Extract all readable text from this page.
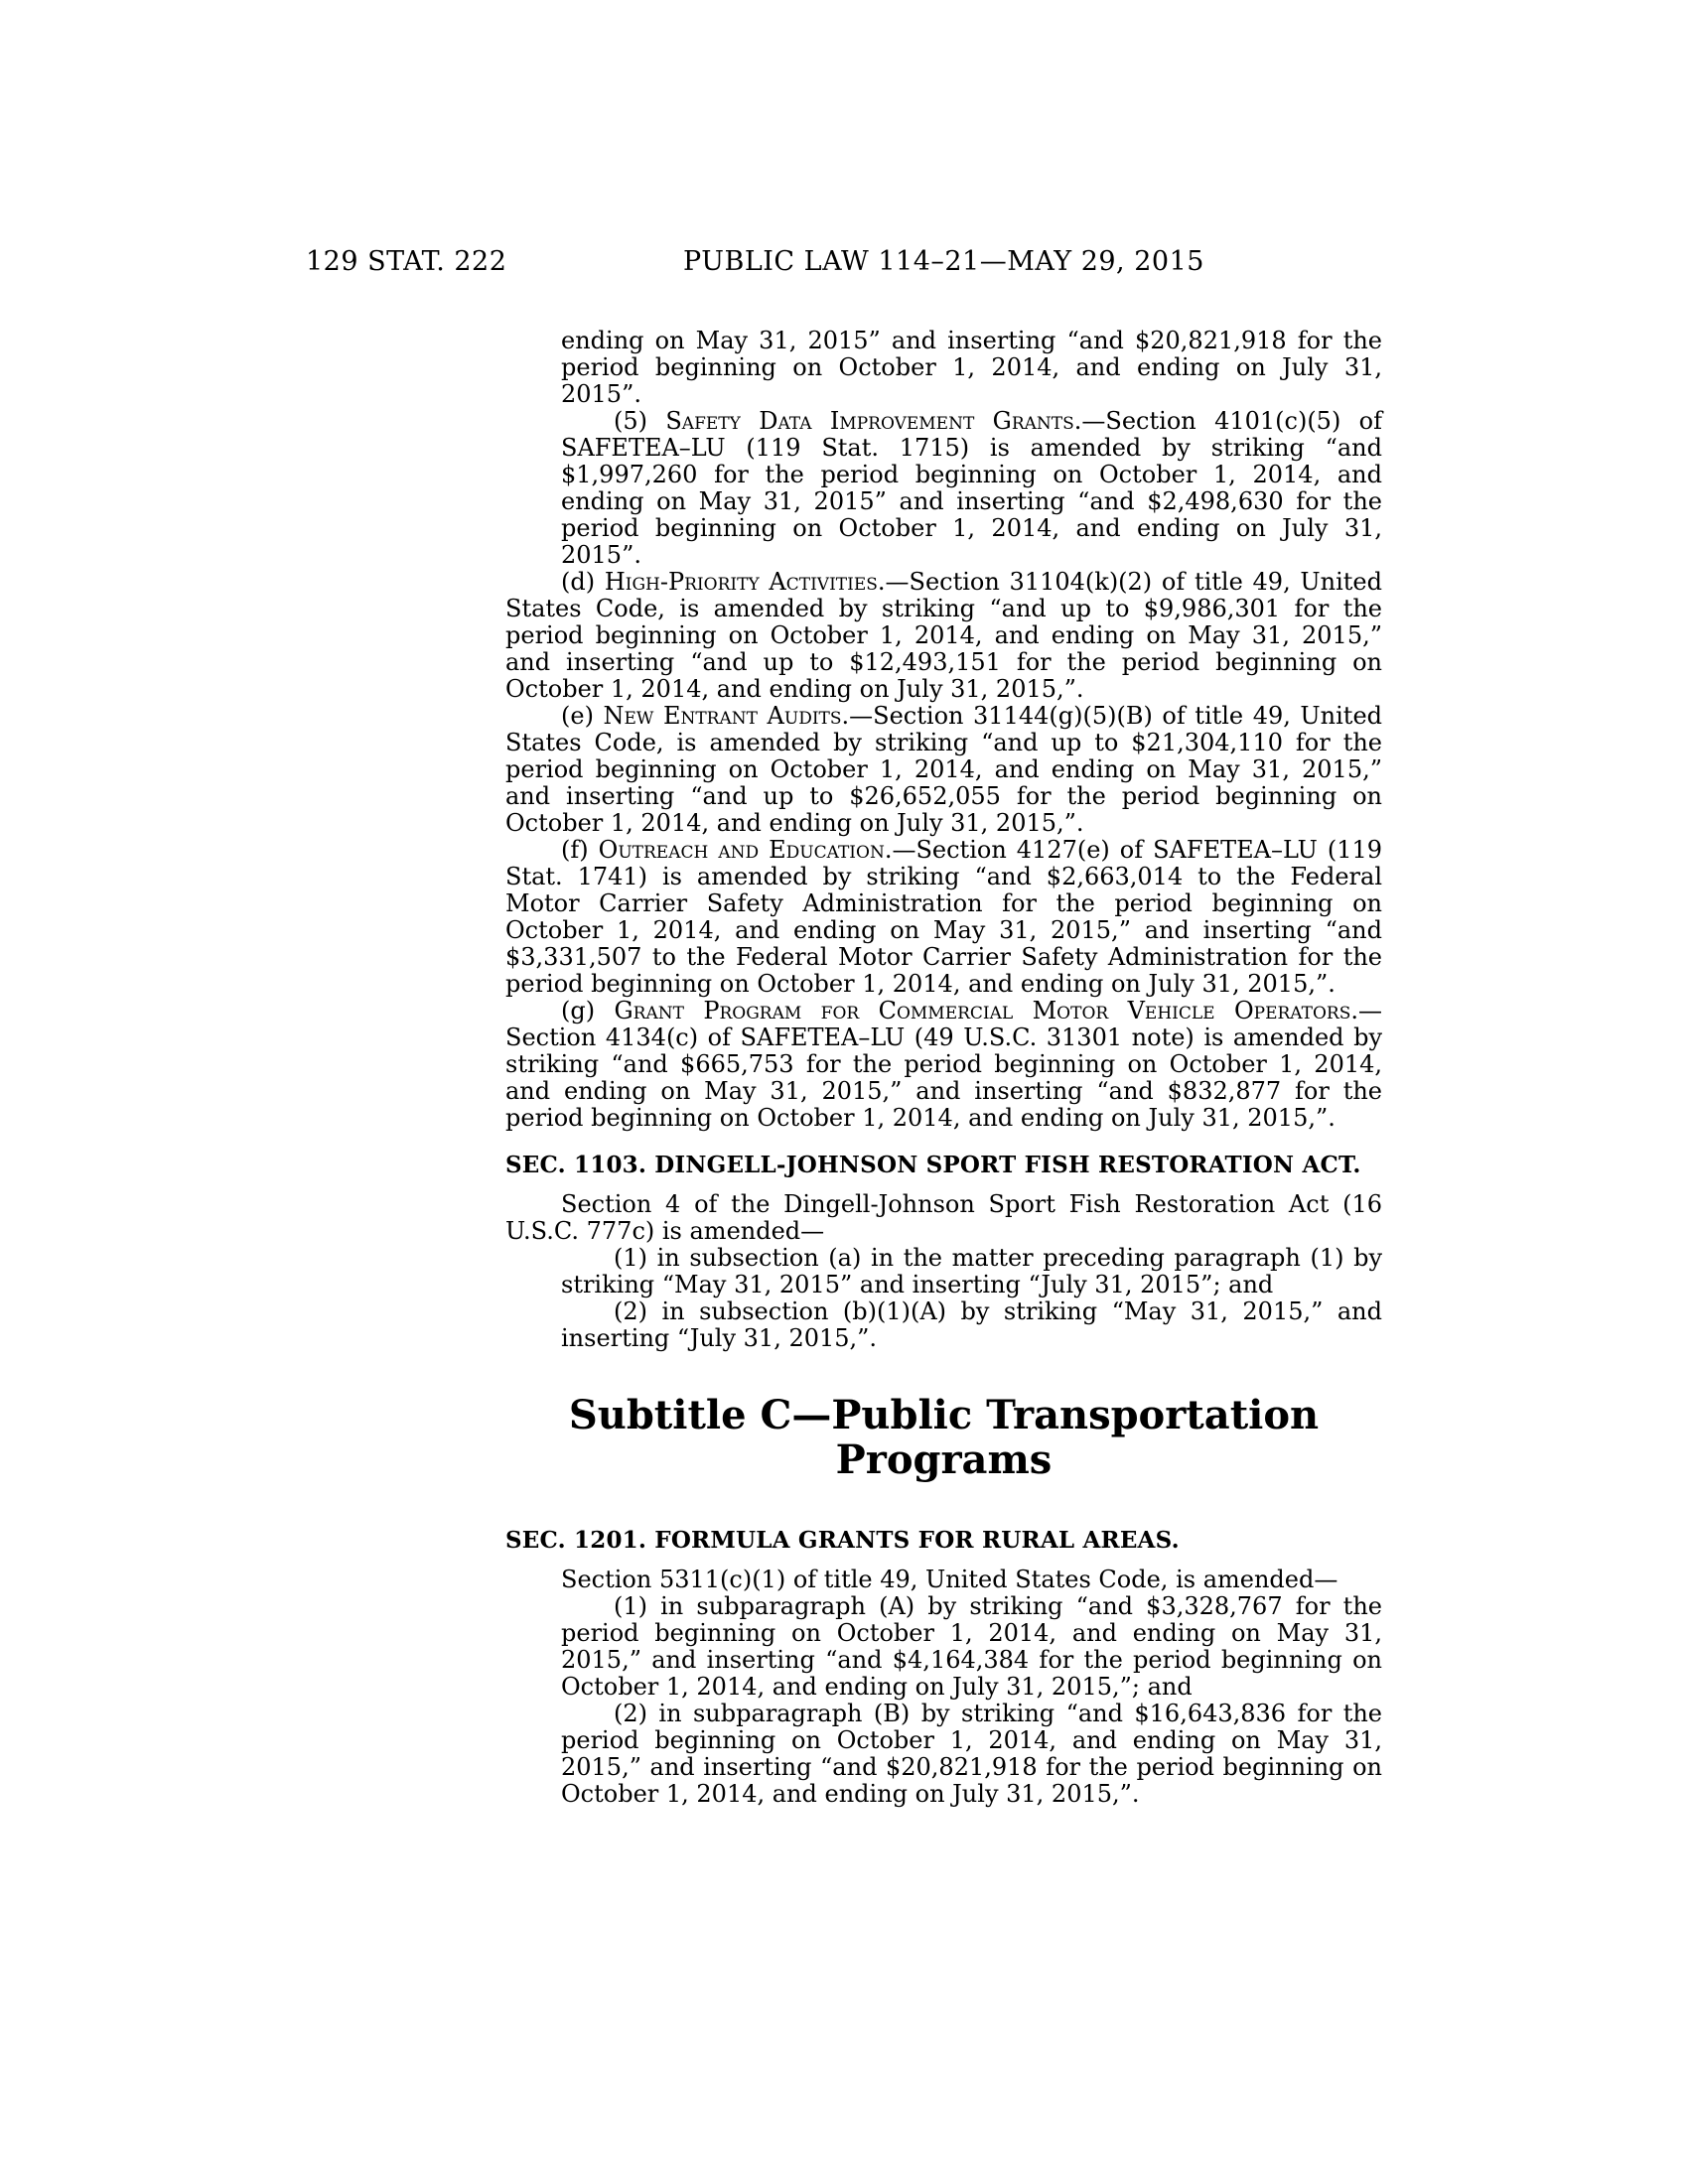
129 STAT. 222	PUBLIC LAW 114–21—MAY 29, 2015

ending on May 31, 2015” and inserting “and $20,821,918 for the period beginning on October 1, 2014, and ending on July 31, 2015”.

(5) Safety Data Improvement Grants.—Section 4101(c)(5) of SAFETEA–LU (119 Stat. 1715) is amended by striking “and $1,997,260 for the period beginning on October 1, 2014, and ending on May 31, 2015” and inserting “and $2,498,630 for the period beginning on October 1, 2014, and ending on July 31, 2015”.

(d) High-Priority Activities.—Section 31104(k)(2) of title 49, United States Code, is amended by striking “and up to $9,986,301 for the period beginning on October 1, 2014, and ending on May 31, 2015,” and inserting “and up to $12,493,151 for the period beginning on October 1, 2014, and ending on July 31, 2015,”.

(e) New Entrant Audits.—Section 31144(g)(5)(B) of title 49, United States Code, is amended by striking “and up to $21,304,110 for the period beginning on October 1, 2014, and ending on May 31, 2015,” and inserting “and up to $26,652,055 for the period beginning on October 1, 2014, and ending on July 31, 2015,”.

(f) Outreach and Education.—Section 4127(e) of SAFETEA–LU (119 Stat. 1741) is amended by striking “and $2,663,014 to the Federal Motor Carrier Safety Administration for the period beginning on October 1, 2014, and ending on May 31, 2015,” and inserting “and $3,331,507 to the Federal Motor Carrier Safety Administration for the period beginning on October 1, 2014, and ending on July 31, 2015,”.

(g) Grant Program for Commercial Motor Vehicle Operators.—Section 4134(c) of SAFETEA–LU (49 U.S.C. 31301 note) is amended by striking “and $665,753 for the period beginning on October 1, 2014, and ending on May 31, 2015,” and inserting “and $832,877 for the period beginning on October 1, 2014, and ending on July 31, 2015,”.

SEC. 1103. DINGELL-JOHNSON SPORT FISH RESTORATION ACT.

Section 4 of the Dingell-Johnson Sport Fish Restoration Act (16 U.S.C. 777c) is amended—

(1) in subsection (a) in the matter preceding paragraph (1) by striking “May 31, 2015” and inserting “July 31, 2015”; and

(2) in subsection (b)(1)(A) by striking “May 31, 2015,” and inserting “July 31, 2015,”.

Subtitle C—Public Transportation Programs
SEC. 1201. FORMULA GRANTS FOR RURAL AREAS.

Section 5311(c)(1) of title 49, United States Code, is amended—

(1) in subparagraph (A) by striking “and $3,328,767 for the period beginning on October 1, 2014, and ending on May 31, 2015,” and inserting “and $4,164,384 for the period beginning on October 1, 2014, and ending on July 31, 2015,”; and

(2) in subparagraph (B) by striking “and $16,643,836 for the period beginning on October 1, 2014, and ending on May 31, 2015,” and inserting “and $20,821,918 for the period beginning on October 1, 2014, and ending on July 31, 2015,”.
